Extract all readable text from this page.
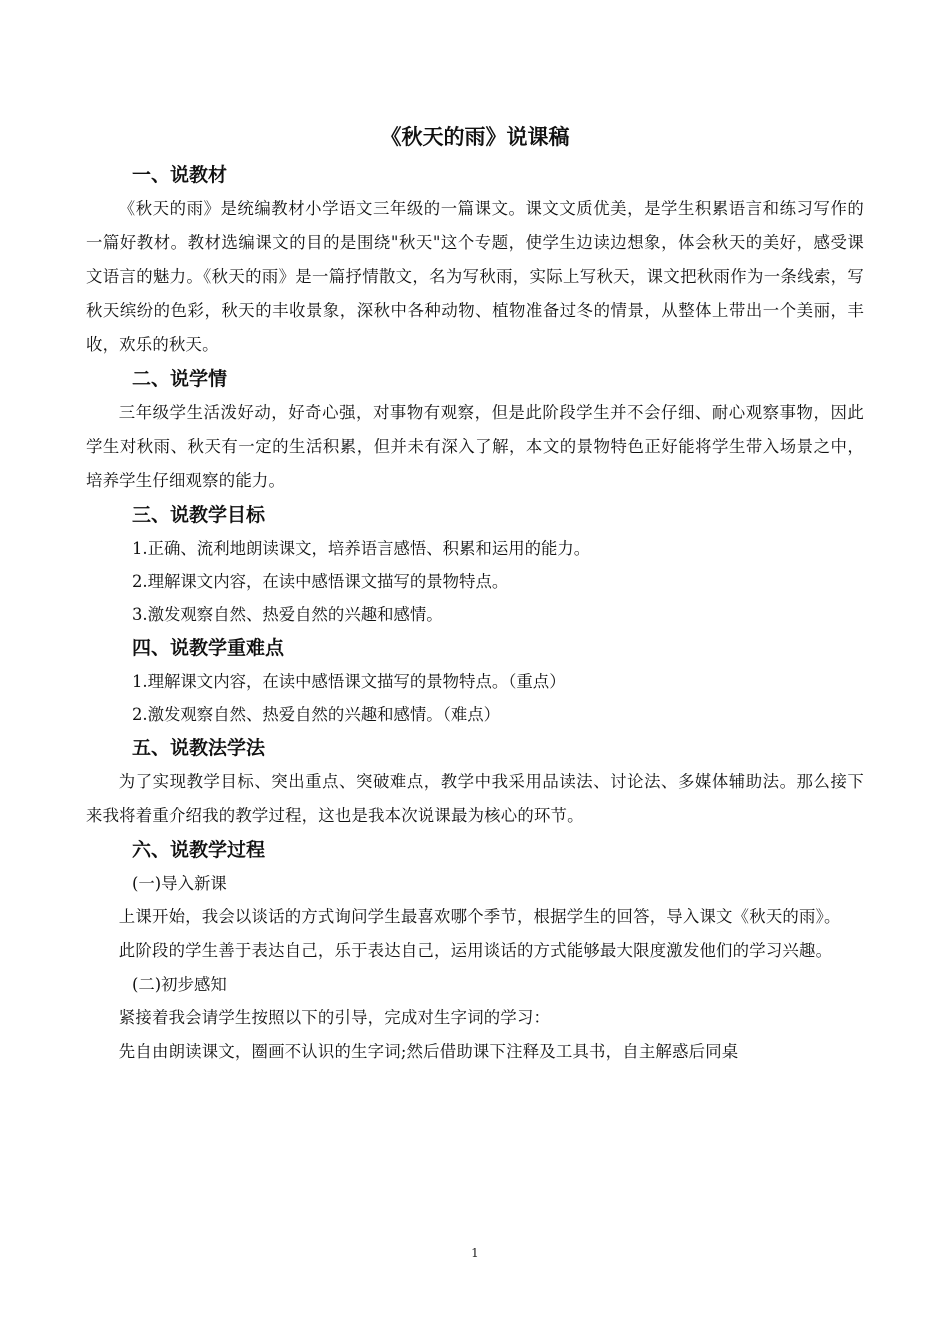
《秋天的雨》说课稿
一、说教材

《秋天的雨》是统编教材小学语文三年级的一篇课文。课文文质优美，是学生积累语言和练习写作的一篇好教材。教材选编课文的目的是围绕"秋天"这个专题，使学生边读边想象，体会秋天的美好，感受课文语言的魅力。《秋天的雨》是一篇抒情散文，名为写秋雨，实际上写秋天，课文把秋雨作为一条线索，写秋天缤纷的色彩，秋天的丰收景象，深秋中各种动物、植物准备过冬的情景，从整体上带出一个美丽，丰收，欢乐的秋天。

二、说学情

三年级学生活泼好动，好奇心强，对事物有观察，但是此阶段学生并不会仔细、耐心观察事物，因此学生对秋雨、秋天有一定的生活积累，但并未有深入了解，本文的景物特色正好能将学生带入场景之中，培养学生仔细观察的能力。

三、说教学目标

1.正确、流利地朗读课文，培养语言感悟、积累和运用的能力。

2.理解课文内容，在读中感悟课文描写的景物特点。

3.激发观察自然、热爱自然的兴趣和感情。

四、说教学重难点

1.理解课文内容，在读中感悟课文描写的景物特点。（重点）

2.激发观察自然、热爱自然的兴趣和感情。（难点）

五、说教法学法

为了实现教学目标、突出重点、突破难点，教学中我采用品读法、讨论法、多媒体辅助法。那么接下来我将着重介绍我的教学过程，这也是我本次说课最为核心的环节。

六、说教学过程

(一)导入新课

上课开始，我会以谈话的方式询问学生最喜欢哪个季节，根据学生的回答，导入课文《秋天的雨》。

此阶段的学生善于表达自己，乐于表达自己，运用谈话的方式能够最大限度激发他们的学习兴趣。

(二)初步感知

紧接着我会请学生按照以下的引导，完成对生字词的学习：

先自由朗读课文，圈画不认识的生字词;然后借助课下注释及工具书，自主解惑后同桌

1
